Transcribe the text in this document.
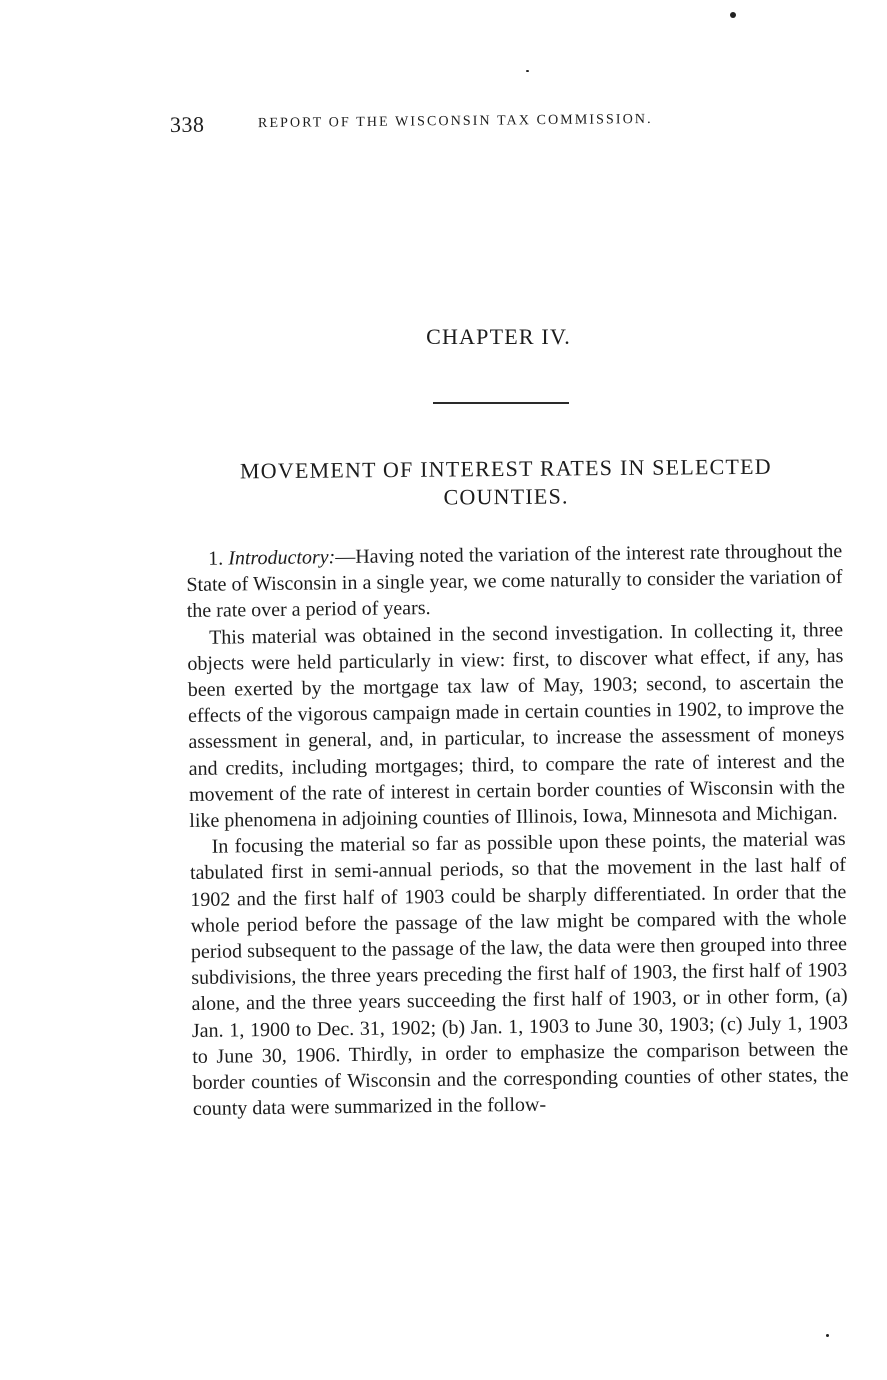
338	REPORT OF THE WISCONSIN TAX COMMISSION.
CHAPTER IV.
MOVEMENT OF INTEREST RATES IN SELECTED COUNTIES.

1. Introductory:—Having noted the variation of the interest rate throughout the State of Wisconsin in a single year, we come naturally to consider the variation of the rate over a period of years.

This material was obtained in the second investigation. In collecting it, three objects were held particularly in view: first, to discover what effect, if any, has been exerted by the mortgage tax law of May, 1903; second, to ascertain the effects of the vigorous campaign made in certain counties in 1902, to improve the assessment in general, and, in particular, to increase the assessment of moneys and credits, including mortgages; third, to compare the rate of interest and the movement of the rate of interest in certain border counties of Wisconsin with the like phenomena in adjoining counties of Illinois, Iowa, Minnesota and Michigan.

In focusing the material so far as possible upon these points, the material was tabulated first in semi-annual periods, so that the movement in the last half of 1902 and the first half of 1903 could be sharply differentiated. In order that the whole period before the passage of the law might be compared with the whole period subsequent to the passage of the law, the data were then grouped into three subdivisions, the three years preceding the first half of 1903, the first half of 1903 alone, and the three years succeeding the first half of 1903, or in other form, (a) Jan. 1, 1900 to Dec. 31, 1902; (b) Jan. 1, 1903 to June 30, 1903; (c) July 1, 1903 to June 30, 1906. Thirdly, in order to emphasize the comparison between the border counties of Wisconsin and the corresponding counties of other states, the county data were summarized in the follow-
